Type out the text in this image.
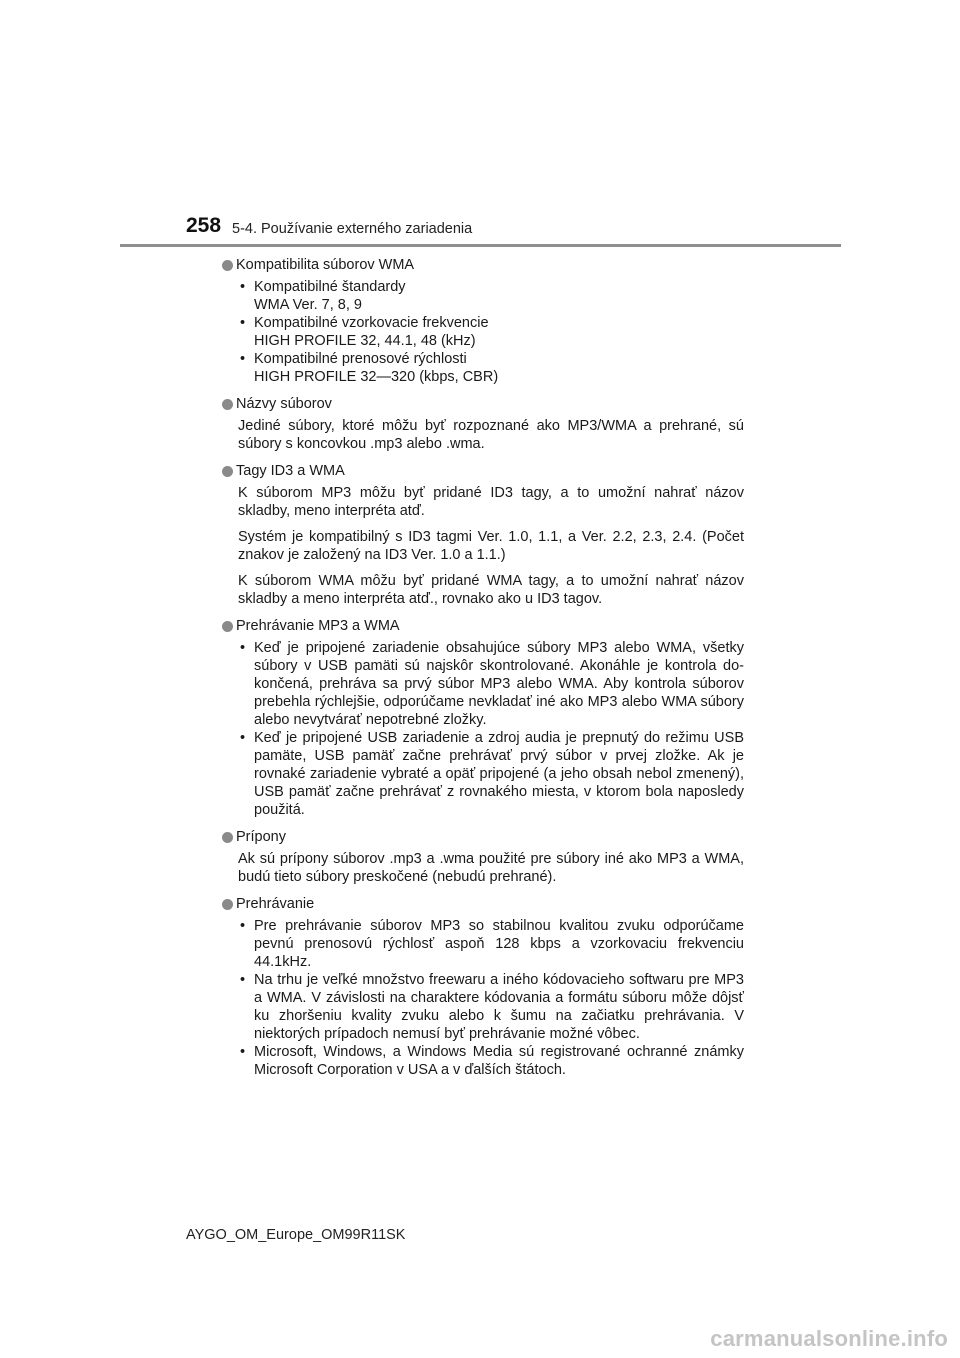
258 5-4. Používanie externého zariadenia
Kompatibilita súborov WMA
• Kompatibilné štandardy
WMA Ver. 7, 8, 9
• Kompatibilné vzorkovacie frekvencie
HIGH PROFILE 32, 44.1, 48 (kHz)
• Kompatibilné prenosové rýchlosti
HIGH PROFILE 32—320 (kbps, CBR)
Názvy súborov

Jediné súbory, ktoré môžu byť rozpoznané ako MP3/WMA a prehrané, sú súbory s koncovkou .mp3 alebo .wma.

Tagy ID3 a WMA

K súborom MP3 môžu byť pridané ID3 tagy, a to umožní nahrať názov skladby, meno interpréta atď.

Systém je kompatibilný s ID3 tagmi Ver. 1.0, 1.1, a Ver. 2.2, 2.3, 2.4. (Počet znakov je založený na ID3 Ver. 1.0 a 1.1.)

K súborom WMA môžu byť pridané WMA tagy, a to umožní nahrať názov skladby a meno interpréta atď., rovnako ako u ID3 tagov.

Prehrávanie MP3 a WMA
• Keď je pripojené zariadenie obsahujúce súbory MP3 alebo WMA, všetky súbory v USB pamäti sú najskôr skontrolované. Akonáhle je kontrola dokončená, prehráva sa prvý súbor MP3 alebo WMA. Aby kontrola súborov prebehla rýchlejšie, odporúčame nevkladať iné ako MP3 alebo WMA súbory alebo nevytvárať nepotrebné zložky.
• Keď je pripojené USB zariadenie a zdroj audia je prepnutý do režimu USB pamäte, USB pamäť začne prehrávať prvý súbor v prvej zložke. Ak je rovnaké zariadenie vybraté a opäť pripojené (a jeho obsah nebol zmenený), USB pamäť začne prehrávať z rovnakého miesta, v ktorom bola naposledy použitá.
Prípony

Ak sú prípony súborov .mp3 a .wma použité pre súbory iné ako MP3 a WMA, budú tieto súbory preskočené (nebudú prehrané).

Prehrávanie
• Pre prehrávanie súborov MP3 so stabilnou kvalitou zvuku odporúčame pevnú prenosovú rýchlosť aspoň 128 kbps a vzorkovaciu frekvenciu 44.1kHz.
• Na trhu je veľké množstvo freewaru a iného kódovacieho softwaru pre MP3 a WMA. V závislosti na charaktere kódovania a formátu súboru môže dôjsť ku zhoršeniu kvality zvuku alebo k šumu na začiatku prehrávania. V niektorých prípadoch nemusí byť prehrávanie možné vôbec.
• Microsoft, Windows, a Windows Media sú registrované ochranné známky Microsoft Corporation v USA a v ďalších štátoch.
AYGO_OM_Europe_OM99R11SK
carmanualsonline.info
